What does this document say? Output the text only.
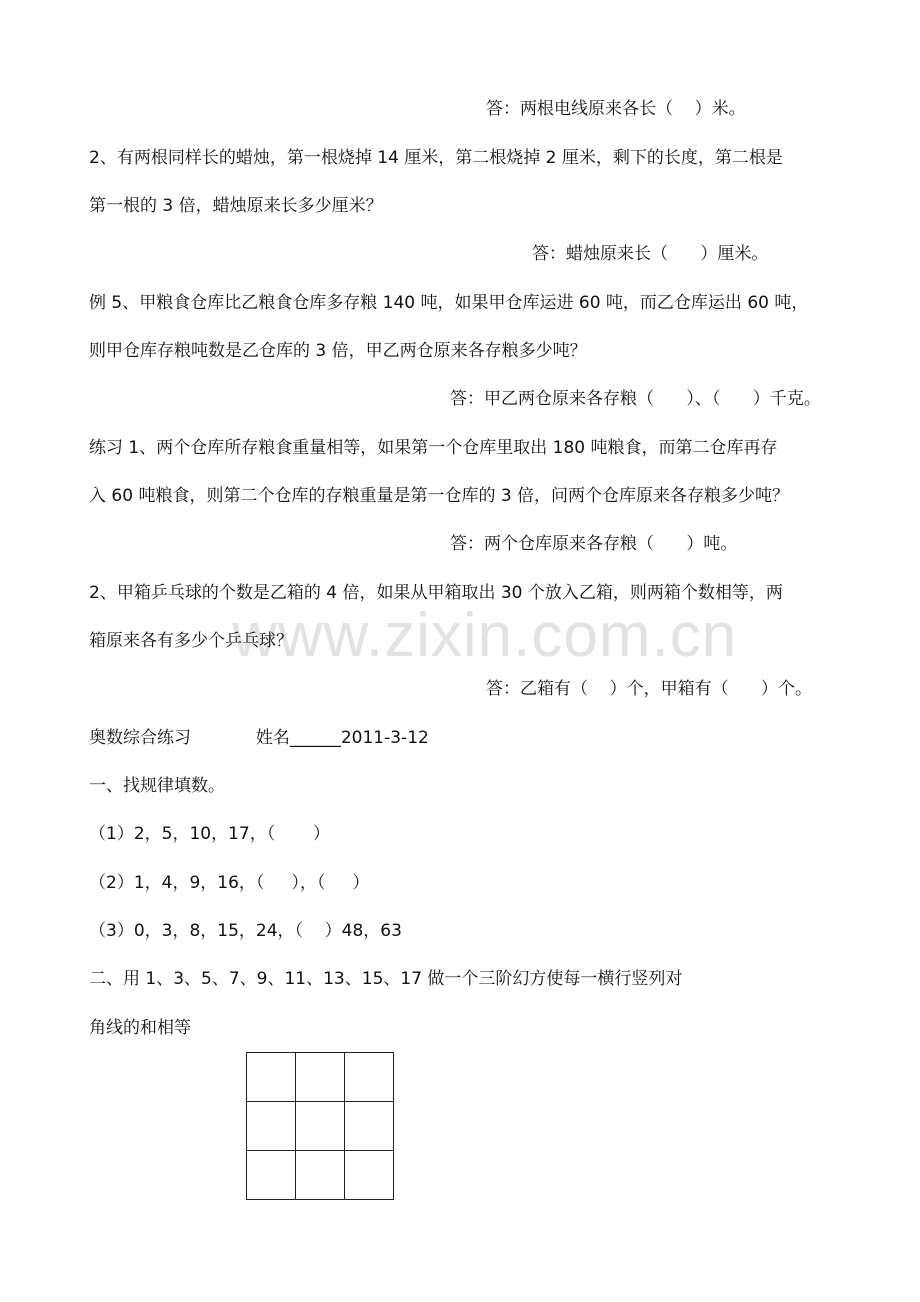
www.zixin.com.cn
答：两根电线原来各长（    ）米。
2、有两根同样长的蜡烛，第一根烧掉 14 厘米，第二根烧掉 2 厘米，剩下的长度，第二根是
第一根的 3 倍，蜡烛原来长多少厘米？
答：蜡烛原来长（      ）厘米。
例 5、甲粮食仓库比乙粮食仓库多存粮 140 吨，如果甲仓库运进 60 吨，而乙仓库运出 60 吨，
则甲仓库存粮吨数是乙仓库的 3 倍，甲乙两仓原来各存粮多少吨？
答：甲乙两仓原来各存粮（      ）、（      ）千克。
练习 1、两个仓库所存粮食重量相等，如果第一个仓库里取出 180 吨粮食，而第二仓库再存
入 60 吨粮食，则第二个仓库的存粮重量是第一仓库的 3 倍，问两个仓库原来各存粮多少吨？
答：两个仓库原来各存粮（      ）吨。
2、甲箱乒乓球的个数是乙箱的 4 倍，如果从甲箱取出 30 个放入乙箱，则两箱个数相等，两
箱原来各有多少个乒乓球？
答：乙箱有（    ）个，甲箱有（      ）个。
奥数综合练习            姓名______2011-3-12
一、找规律填数。
（1）2，5，10，17，（       ）
（2）1，4，9，16，（     ），（     ）
（3）0，3，8，15，24，（    ）48，63
二、用 1、3、5、7、9、11、13、15、17 做一个三阶幻方使每一横行竖列对
角线的和相等
